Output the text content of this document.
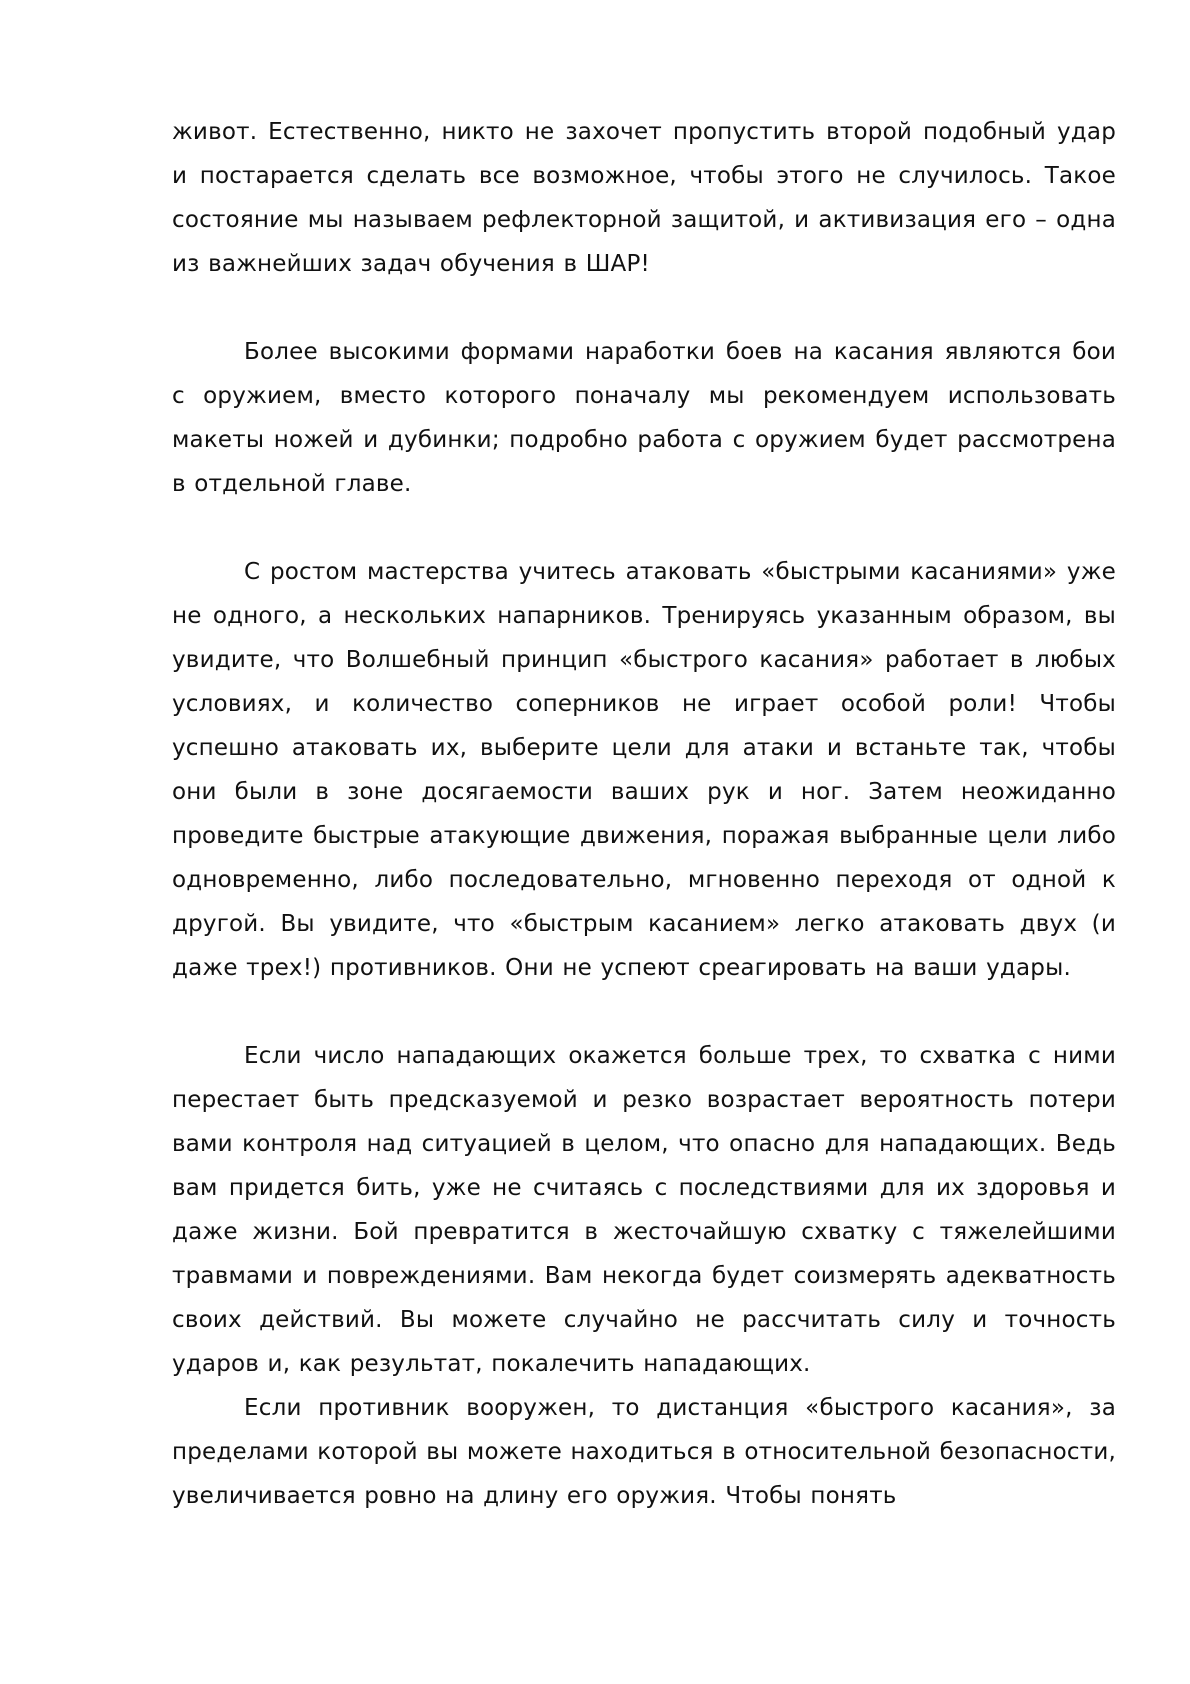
живот. Естественно, никто не захочет пропустить второй подобный удар и постарается сделать все возможное, чтобы этого не случилось. Такое состояние мы называем рефлекторной защитой, и активизация его – одна из важнейших задач обучения в ШАР!

Более высокими формами наработки боев на касания являются бои с оружием, вместо которого поначалу мы рекомендуем использовать макеты ножей и дубинки; подробно работа с оружием будет рассмотрена в отдельной главе.

С ростом мастерства учитесь атаковать «быстрыми касаниями» уже не одного, а нескольких напарников. Тренируясь указанным образом, вы увидите, что Волшебный принцип «быстрого касания» работает в любых условиях, и количество соперников не играет особой роли! Чтобы успешно атаковать их, выберите цели для атаки и встаньте так, чтобы они были в зоне досягаемости ваших рук и ног. Затем неожиданно проведите быстрые атакующие движения, поражая выбранные цели либо одновременно, либо последовательно, мгновенно переходя от одной к другой. Вы увидите, что «быстрым касанием» легко атаковать двух (и даже трех!) противников. Они не успеют среагировать на ваши удары.

Если число нападающих окажется больше трех, то схватка с ними перестает быть предсказуемой и резко возрастает вероятность потери вами контроля над ситуацией в целом, что опасно для нападающих. Ведь вам придется бить, уже не считаясь с последствиями для их здоровья и даже жизни. Бой превратится в жесточайшую схватку с тяжелейшими травмами и повреждениями. Вам некогда будет соизмерять адекватность своих действий. Вы можете случайно не рассчитать силу и точность ударов и, как результат, покалечить нападающих.

Если противник вооружен, то дистанция «быстрого касания», за пределами которой вы можете находиться в относительной безопасности, увеличивается ровно на длину его оружия. Чтобы понять
